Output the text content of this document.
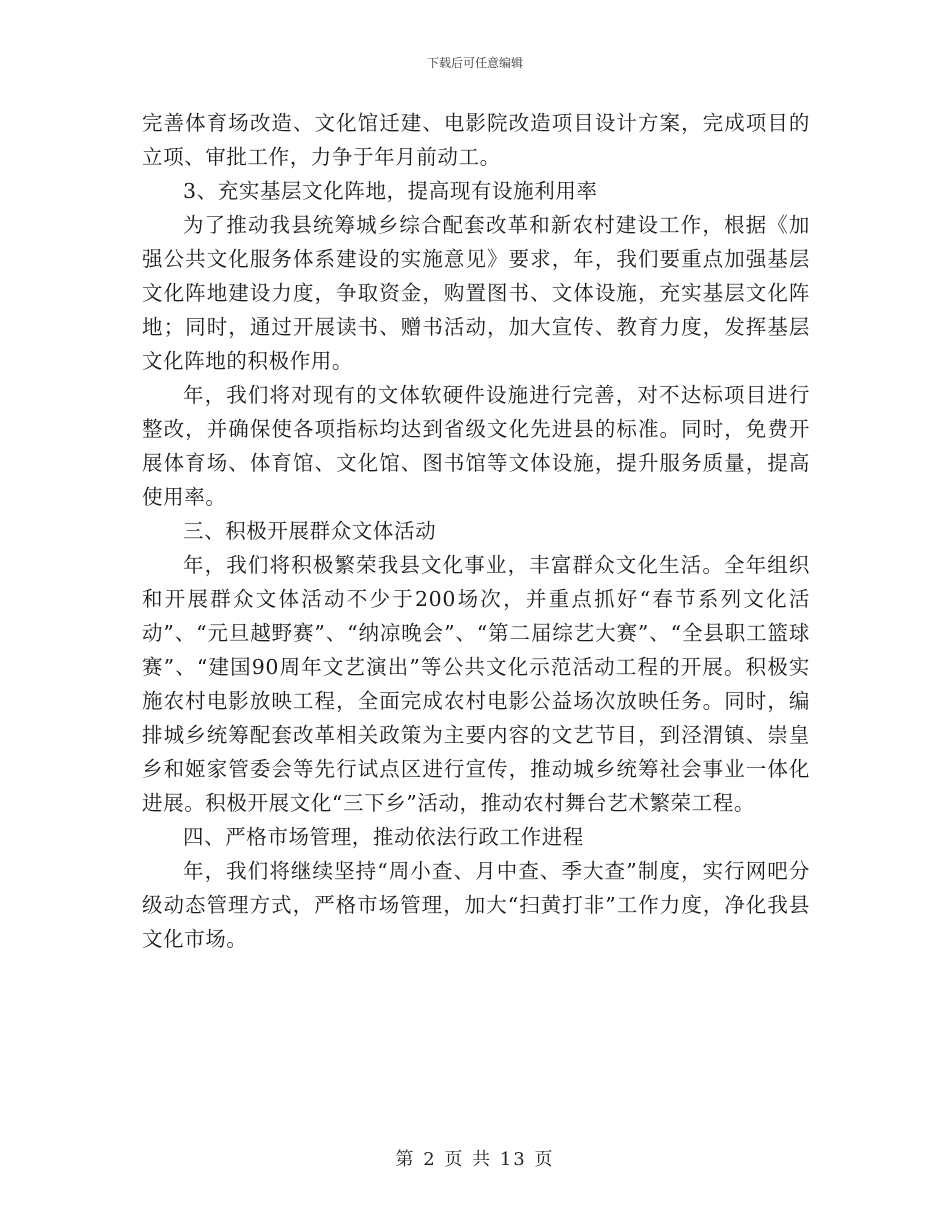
下载后可任意编辑

完善体育场改造、文化馆迁建、电影院改造项目设计方案，完成项目的立项、审批工作，力争于年月前动工。

3、充实基层文化阵地，提高现有设施利用率

为了推动我县统筹城乡综合配套改革和新农村建设工作，根据《加强公共文化服务体系建设的实施意见》要求，年，我们要重点加强基层文化阵地建设力度，争取资金，购置图书、文体设施，充实基层文化阵地；同时，通过开展读书、赠书活动，加大宣传、教育力度，发挥基层文化阵地的积极作用。

年，我们将对现有的文体软硬件设施进行完善，对不达标项目进行整改，并确保使各项指标均达到省级文化先进县的标准。同时，免费开展体育场、体育馆、文化馆、图书馆等文体设施，提升服务质量，提高使用率。

三、积极开展群众文体活动

年，我们将积极繁荣我县文化事业，丰富群众文化生活。全年组织和开展群众文体活动不少于200场次，并重点抓好“春节系列文化活动”、“元旦越野赛”、“纳凉晚会”、“第二届综艺大赛”、“全县职工篮球赛”、“建国90周年文艺演出”等公共文化示范活动工程的开展。积极实施农村电影放映工程，全面完成农村电影公益场次放映任务。同时，编排城乡统筹配套改革相关政策为主要内容的文艺节目，到泾渭镇、崇皇乡和姬家管委会等先行试点区进行宣传，推动城乡统筹社会事业一体化进展。积极开展文化“三下乡”活动，推动农村舞台艺术繁荣工程。

四、严格市场管理，推动依法行政工作进程

年，我们将继续坚持“周小查、月中查、季大查”制度，实行网吧分级动态管理方式，严格市场管理，加大“扫黄打非”工作力度，净化我县文化市场。

第 2 页 共 13 页
